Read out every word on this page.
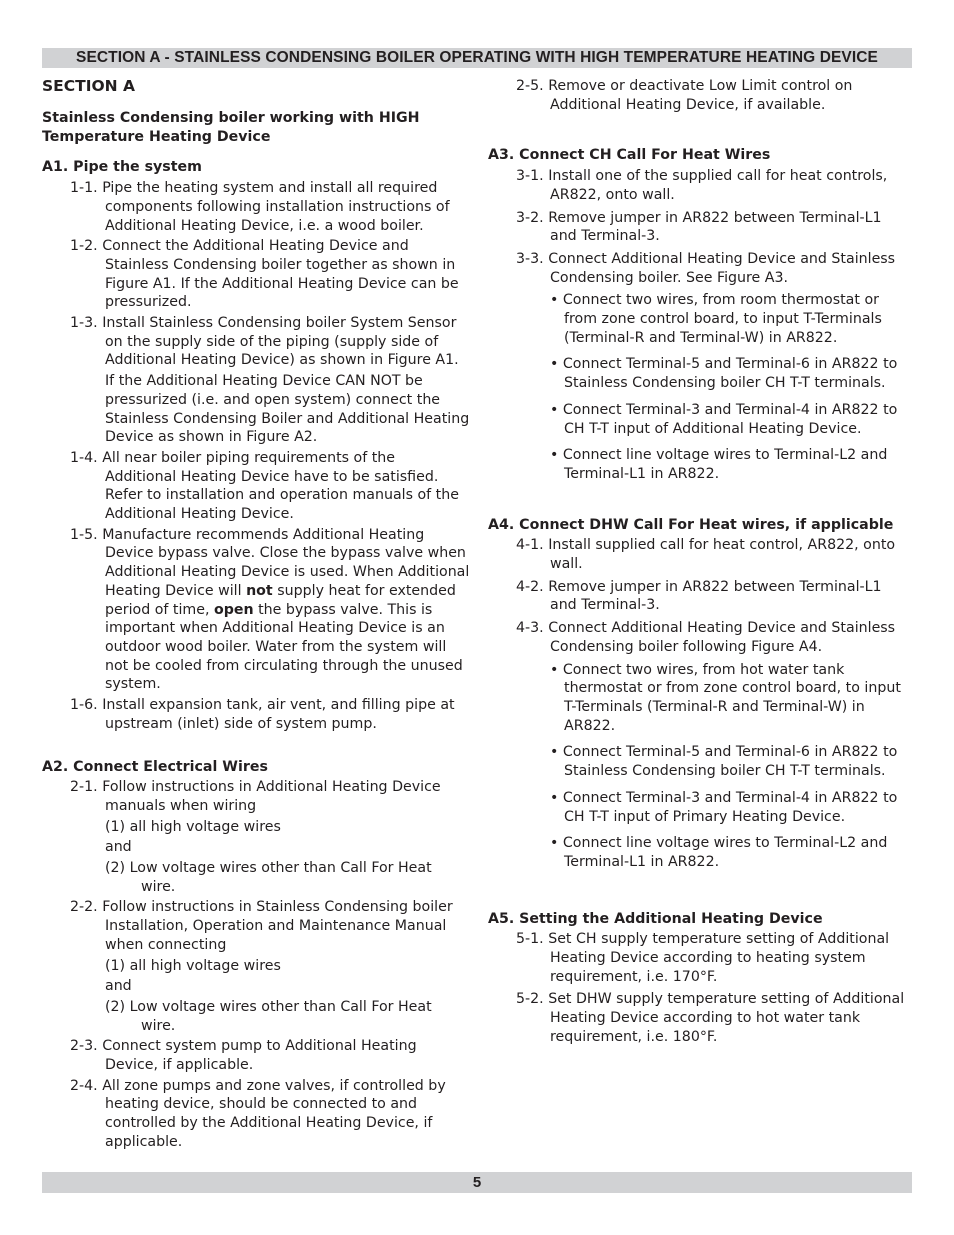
SECTION A - STAINLESS CONDENSING BOILER OPERATING WITH HIGH TEMPERATURE HEATING DEVICE
SECTION A
Stainless Condensing boiler working with HIGH Temperature Heating Device
A1. Pipe the system
1-1. Pipe the heating system and install all required components following installation instructions of Additional Heating Device, i.e. a wood boiler.
1-2. Connect the Additional Heating Device and Stainless Condensing boiler together as shown in Figure A1. If the Additional Heating Device can be pressurized.
1-3. Install Stainless Condensing boiler System Sensor on the supply side of the piping (supply side of Additional Heating Device) as shown in Figure A1.
If the Additional Heating Device CAN NOT be pressurized (i.e. and open system) connect the Stainless Condensing Boiler and Additional Heating Device as shown in Figure A2.
1-4. All near boiler piping requirements of the Additional Heating Device have to be satisfied. Refer to installation and operation manuals of the Additional Heating Device.
1-5. Manufacture recommends Additional Heating Device bypass valve. Close the bypass valve when Additional Heating Device is used. When Additional Heating Device will not supply heat for extended period of time, open the bypass valve. This is important when Additional Heating Device is an outdoor wood boiler. Water from the system will not be cooled from circulating through the unused system.
1-6. Install expansion tank, air vent, and filling pipe at upstream (inlet) side of system pump.
A2. Connect Electrical Wires
2-1. Follow instructions in Additional Heating Device manuals when wiring
(1) all high voltage wires
and
(2) Low voltage wires other than Call For Heat wire.
2-2. Follow instructions in Stainless Condensing boiler Installation, Operation and Maintenance Manual when connecting
(1) all high voltage wires
and
(2) Low voltage wires other than Call For Heat wire.
2-3. Connect system pump to Additional Heating Device, if applicable.
2-4. All zone pumps and zone valves, if controlled by heating device, should be connected to and controlled by the Additional Heating Device, if applicable.
2-5. Remove or deactivate Low Limit control on Additional Heating Device, if available.
A3. Connect CH Call For Heat Wires
3-1. Install one of the supplied call for heat controls, AR822, onto wall.
3-2. Remove jumper in AR822 between Terminal-L1 and Terminal-3.
3-3. Connect Additional Heating Device and Stainless Condensing boiler. See Figure A3.
• Connect two wires, from room thermostat or from zone control board, to input T-Terminals (Terminal-R and Terminal-W) in AR822.
• Connect Terminal-5 and Terminal-6 in AR822 to Stainless Condensing boiler CH T-T terminals.
• Connect Terminal-3 and Terminal-4 in AR822 to CH T-T input of Additional Heating Device.
• Connect line voltage wires to Terminal-L2 and Terminal-L1 in AR822.
A4. Connect DHW Call For Heat wires, if applicable
4-1. Install supplied call for heat control, AR822, onto wall.
4-2. Remove jumper in AR822 between Terminal-L1 and Terminal-3.
4-3. Connect Additional Heating Device and Stainless Condensing boiler following Figure A4.
• Connect two wires, from hot water tank thermostat or from zone control board, to input T-Terminals (Terminal-R and Terminal-W) in AR822.
• Connect Terminal-5 and Terminal-6 in AR822 to Stainless Condensing boiler CH T-T terminals.
• Connect Terminal-3 and Terminal-4 in AR822 to CH T-T input of Primary Heating Device.
• Connect line voltage wires to Terminal-L2 and Terminal-L1 in AR822.
A5. Setting the Additional Heating Device
5-1. Set CH supply temperature setting of Additional Heating Device according to heating system requirement, i.e. 170°F.
5-2. Set DHW supply temperature setting of Additional Heating Device according to hot water tank requirement, i.e. 180°F.
5
